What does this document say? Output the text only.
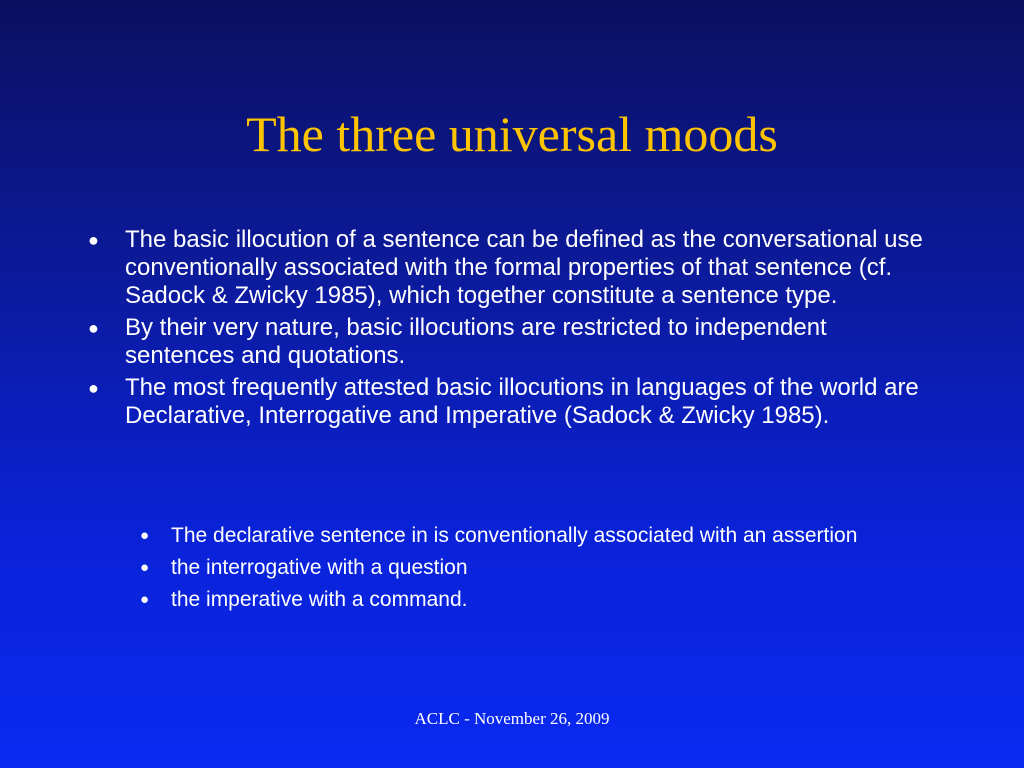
The three universal moods
●	The basic illocution of a sentence can be defined as the conversational use conventionally associated with the formal properties of that sentence (cf. Sadock & Zwicky 1985), which together constitute a sentence type.
●	By their very nature, basic illocutions are restricted to independent sentences and quotations.
●	The most frequently attested basic illocutions in languages of the world are Declarative, Interrogative and Imperative (Sadock & Zwicky 1985).
●	The declarative sentence in is conventionally associated with an assertion
●	the interrogative with a question
●	the imperative with a command.
ACLC - November 26, 2009
